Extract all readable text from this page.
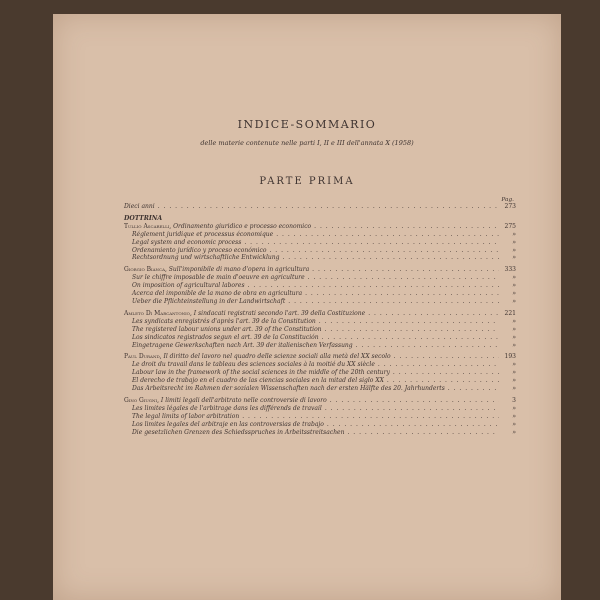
INDICE-SOMMARIO
delle materie contenute nelle parti I, II e III dell'annata X (1958)
PARTE PRIMA
Pag.
Dieci anni . . .	273
DOTTRINA
Tullio Ascarelli, Ordinamento giuridico e processo economico . . .	275
Réglement juridique et processus économique . . .	»
Legal system and economic process . . .	»
Ordenamiento jurídico y proceso económico . . .	»
Rechtsordnung und wirtschaftliche Entwicklung . . .	»
Giorgio Bianca, Sull'imponibile di mano d'opera in agricultura . . .	333
Sur le chiffre imposable de main d'oeuvre en agriculture . . .	»
On imposition of agricultural labores . . .	»
Acerca del imponible de la mano de obra en agricultura . . .	»
Ueber die Pflichteinstellung in der Landwirtschaft . . .	»
Amleto Di Marcantonio, I sindacati registrati secondo l'art. 39 della Costituzione . . .	221
Les syndicats enregistrés d'après l'art. 39 de la Constitution . . .	»
The registered labour unions under art. 39 of the Constitution . . .	»
Los sindicatos registrados segun el art. 39 de la Constitución . . .	»
Eingetragene Gewerkschaften nach Art. 39 der italienischen Verfassung . . .	»
Paul Durand, Il diritto del lavoro nel quadro delle scienze sociali alla metà del XX secolo . . .	193
Le droit du travail dans le tableau des sciences sociales à la moitié du XX siècle . . .	»
Labour law in the framework of the social sciences in the middle of the 20th century . . .	»
El derecho de trabajo en el cuadro de las ciencias sociales en la mitad del siglo XX . . .	»
Das Arbeitsrecht im Rahmen der sozialen Wissenschaften nach der ersten Hälfte des 20. Jahrhunderts . . .	»
Gino Giugni, I limiti legali dell'arbitrato nelle controversie di lavoro . . .	3
Les limites légales de l'arbitrage dans les différends de travail . . .	»
The legal limits of labor arbitration . . .	»
Los limites legales del arbitraje en las controversias de trabajo . . .	»
Die gesetzlichen Grenzen des Schiedsspruches in Arbeitsstreitsachen . . .	»
